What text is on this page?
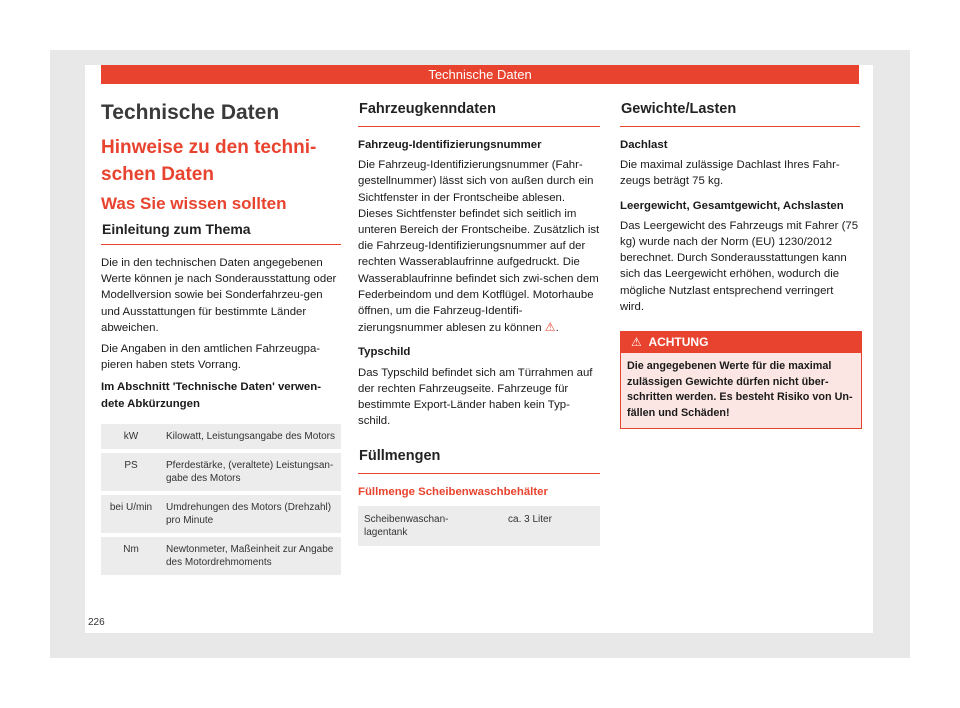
Technische Daten
Technische Daten
Hinweise zu den techni-
schen Daten
Was Sie wissen sollten
Einleitung zum Thema

Die in den technischen Daten angegebenen Werte können je nach Sonderausstattung oder Modellversion sowie bei Sonderfahrzeu-gen und Ausstattungen für bestimmte Länder abweichen.

Die Angaben in den amtlichen Fahrzeugpa-pieren haben stets Vorrang.

Im Abschnitt 'Technische Daten' verwen-dete Abkürzungen

kW	Kilowatt, Leistungsangabe des Motors

PS	Pferdestärke, (veraltete) Leistungsan-gabe des Motors

bei U/min	Umdrehungen des Motors (Drehzahl) pro Minute

Nm	Newtonmeter, Maßeinheit zur Angabe des Motordrehmoments
Fahrzeugkenndaten

Fahrzeug-Identifizierungsnummer

Die Fahrzeug-Identifizierungsnummer (Fahr-gestellnummer) lässt sich von außen durch ein Sichtfenster in der Frontscheibe ablesen. Dieses Sichtfenster befindet sich seitlich im unteren Bereich der Frontscheibe. Zusätzlich ist die Fahrzeug-Identifizierungsnummer auf der rechten Wasserablaufrinne aufgedruckt. Die Wasserablaufrinne befindet sich zwi-schen dem Federbeindom und dem Kotflügel. Motorhaube öffnen, um die Fahrzeug-Identifi-zierungsnummer ablesen zu können ⚠.

Typschild

Das Typschild befindet sich am Türrahmen auf der rechten Fahrzeugseite. Fahrzeuge für bestimmte Export-Länder haben kein Typ-schild.

Füllmengen
Füllmenge Scheibenwaschbehälter
Scheibenwaschan-lagentank
ca. 3 Liter
Gewichte/Lasten

Dachlast

Die maximal zulässige Dachlast Ihres Fahr-zeugs beträgt 75 kg.

Leergewicht, Gesamtgewicht, Achslasten

Das Leergewicht des Fahrzeugs mit Fahrer (75 kg) wurde nach der Norm (EU) 1230/2012 berechnet. Durch Sonderausstattungen kann sich das Leergewicht erhöhen, wodurch die mögliche Nutzlast entsprechend verringert wird.

⚠ ACHTUNG
Die angegebenen Werte für die maximal zulässigen Gewichte dürfen nicht über-schritten werden. Es besteht Risiko von Un-fällen und Schäden!
226
